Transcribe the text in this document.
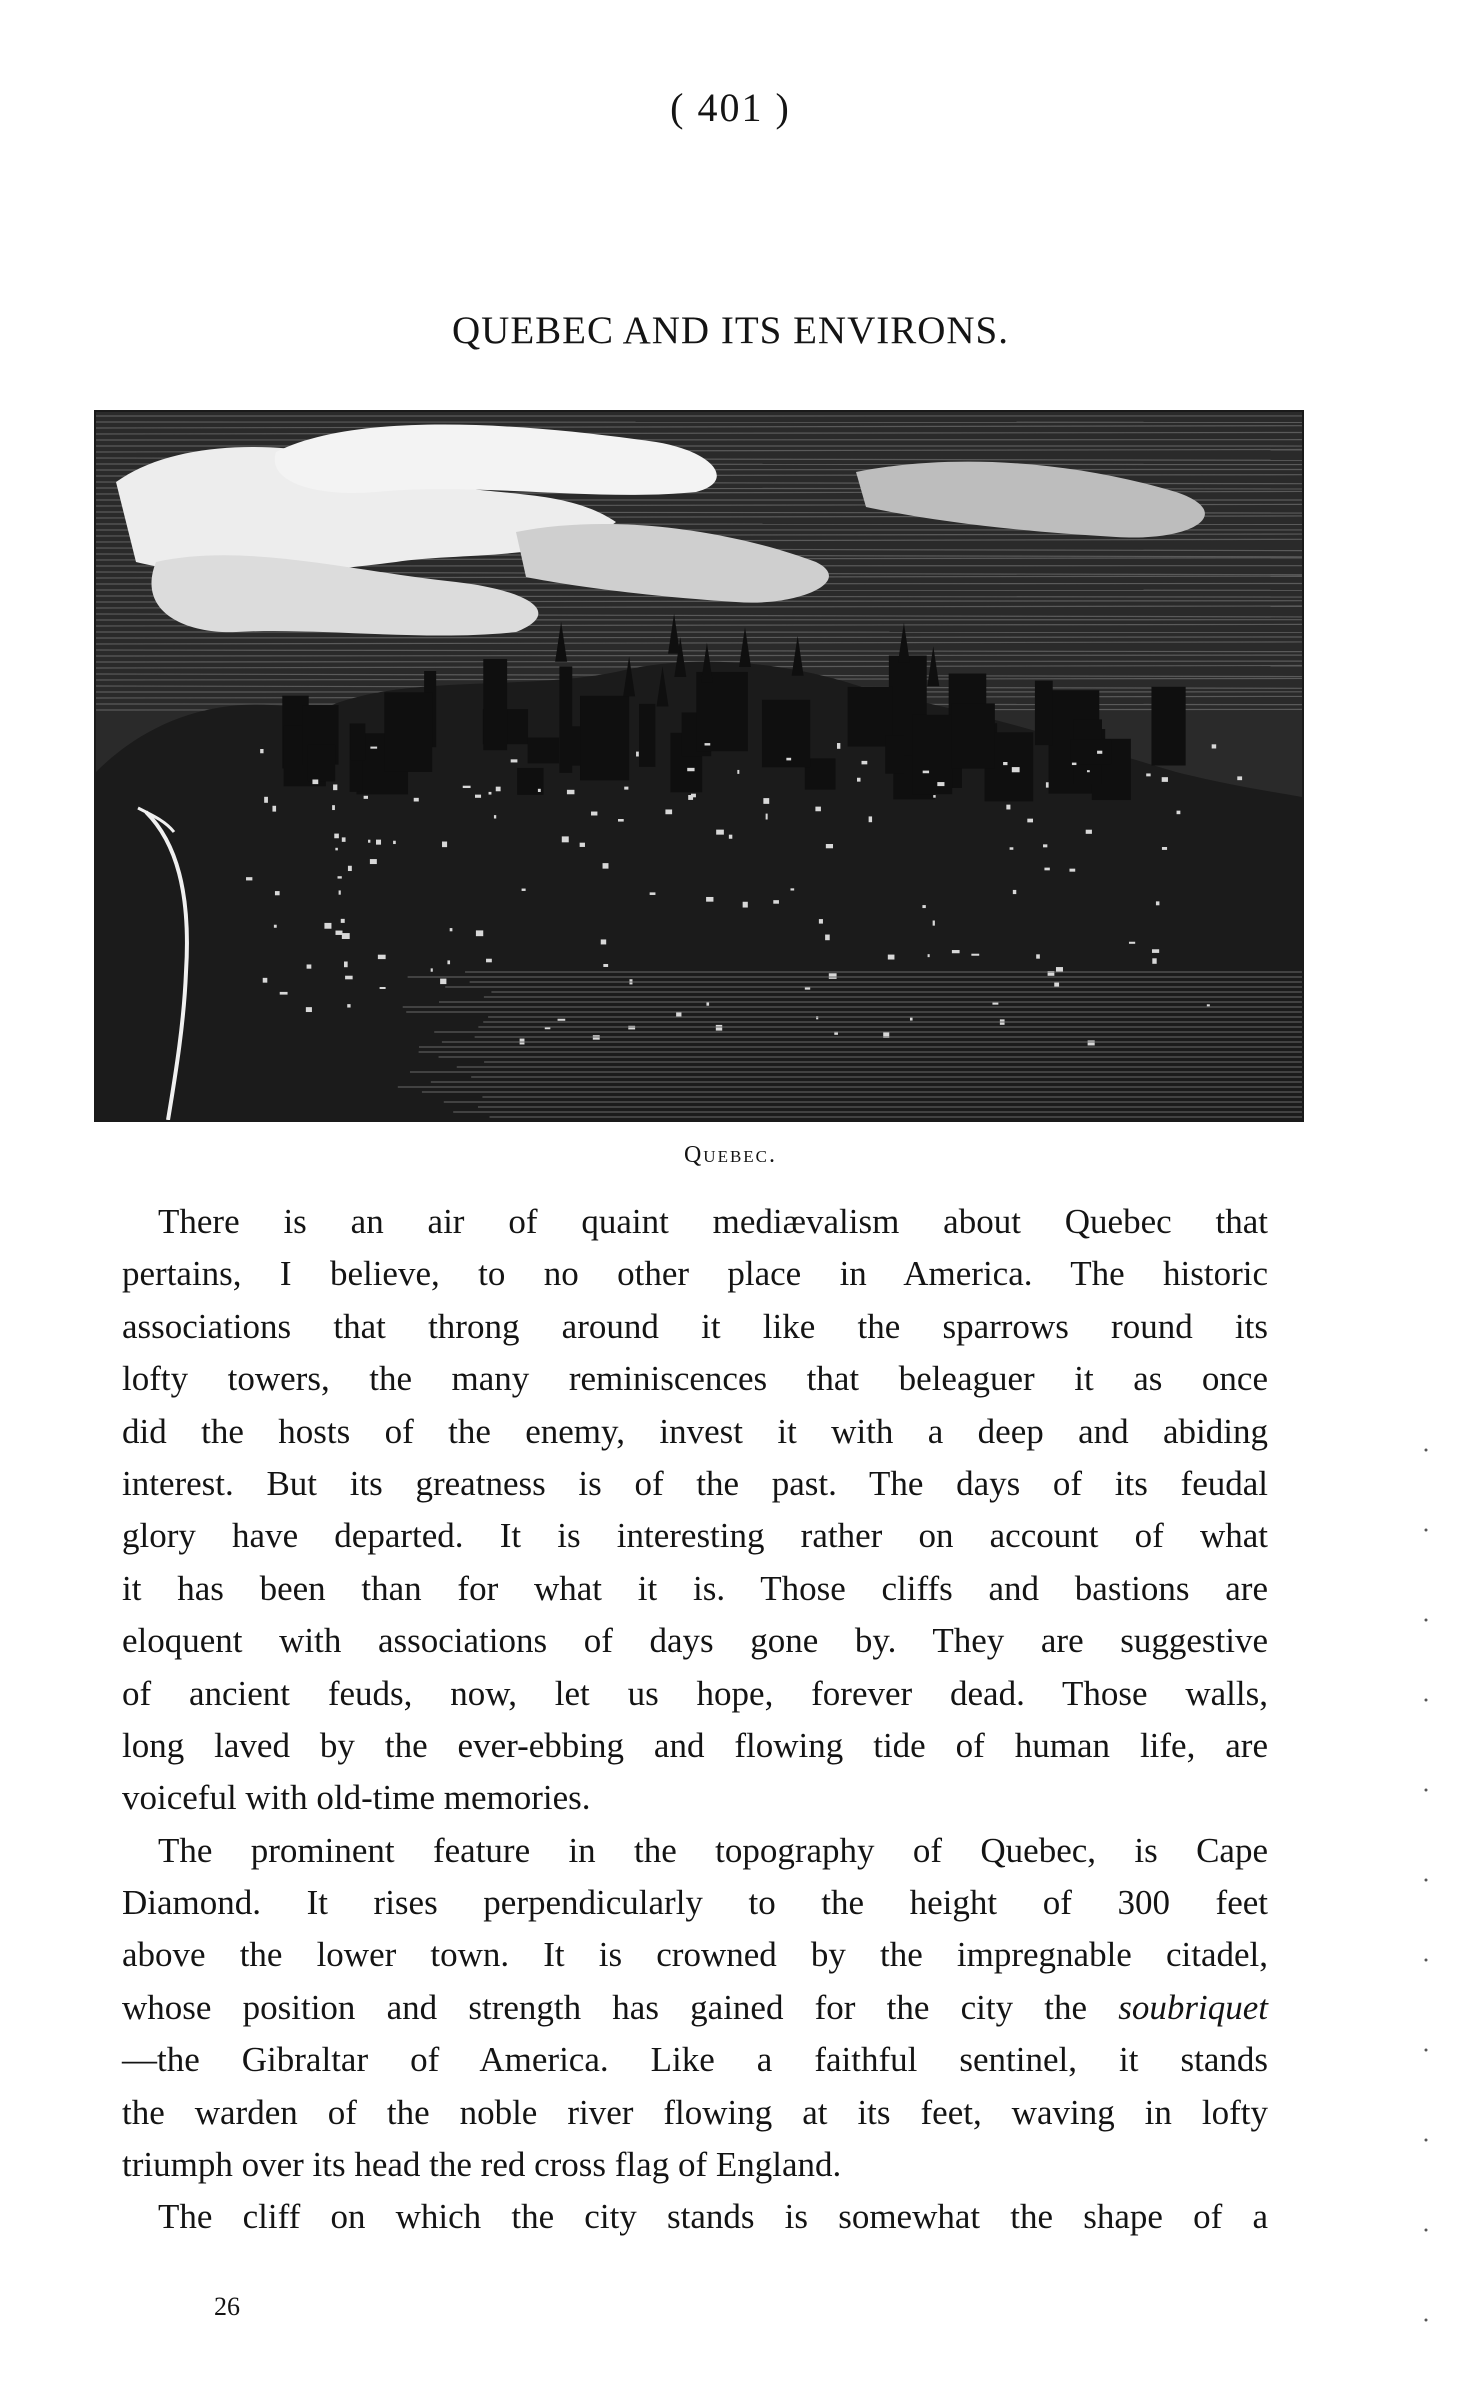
( 401 )
QUEBEC AND ITS ENVIRONS.
Quebec.
There is an air of quaint mediævalism about Quebec that
pertains, I believe, to no other place in America. The historic
associations that throng around it like the sparrows round its
lofty towers, the many reminiscences that beleaguer it as once
did the hosts of the enemy, invest it with a deep and abiding
interest. But its greatness is of the past. The days of its feudal
glory have departed. It is interesting rather on account of what
it has been than for what it is. Those cliffs and bastions are
eloquent with associations of days gone by. They are suggestive
of ancient feuds, now, let us hope, forever dead. Those walls,
long laved by the ever-ebbing and flowing tide of human life, are
voiceful with old-time memories.
The prominent feature in the topography of Quebec, is Cape
Diamond. It rises perpendicularly to the height of 300 feet
above the lower town. It is crowned by the impregnable citadel,
whose position and strength has gained for the city the soubriquet
—the Gibraltar of America. Like a faithful sentinel, it stands
the warden of the noble river flowing at its feet, waving in lofty
triumph over its head the red cross flag of England.
The cliff on which the city stands is somewhat the shape of a
26
